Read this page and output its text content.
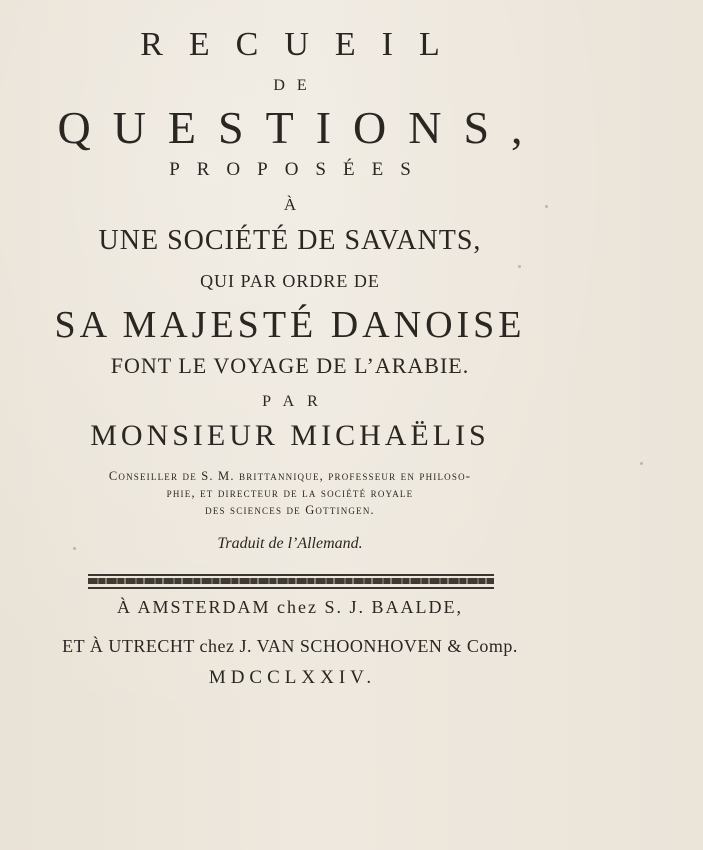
RECUEIL
DE
QUESTIONS,
PROPOSÉES
À
UNE SOCIÉTÉ DE SAVANTS,
QUI PAR ORDRE DE
SA MAJESTÉ DANOISE
FONT LE VOYAGE DE L’ARABIE.
PAR
MONSIEUR MICHAËLIS
Conseiller de S. M. brittannique, professeur en philoso-
phie, et directeur de la société royale
des sciences de Gottingen.
Traduit de l’Allemand.
À AMSTERDAM chez S. J. BAALDE,
ET À UTRECHT chez J. VAN SCHOONHOVEN & Comp.
MDCCLXXIV.
